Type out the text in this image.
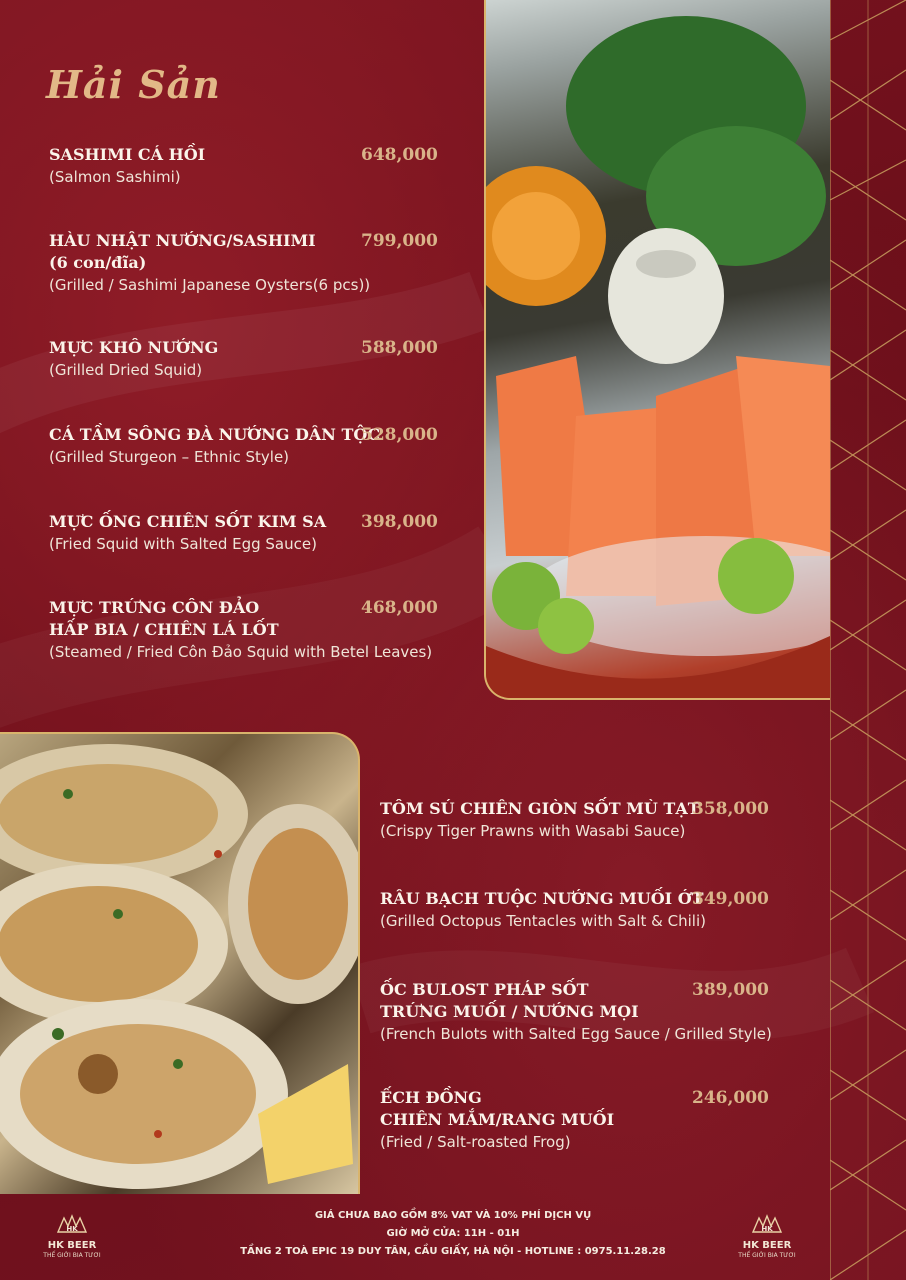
Hải Sản
SASHIMI CÁ HỒI
(Salmon Sashimi)
648,000
HÀU NHẬT NƯỚNG/SASHIMI
(6 con/đĩa)
(Grilled / Sashimi Japanese Oysters(6 pcs))
799,000
MỰC KHÔ NƯỚNG
(Grilled Dried Squid)
588,000
CÁ TẦM SÔNG ĐÀ NƯỚNG DÂN TỘC
(Grilled Sturgeon – Ethnic Style)
528,000
MỰC ỐNG CHIÊN SỐT KIM SA
(Fried Squid with Salted Egg Sauce)
398,000
MỰC TRỨNG CÔN ĐẢO
HẤP BIA / CHIÊN LÁ LỐT
(Steamed / Fried Côn Đảo Squid with Betel Leaves)
468,000
TÔM SÚ CHIÊN GIÒN SỐT MÙ TẠT
(Crispy Tiger Prawns with Wasabi Sauce)
358,000
RÂU BẠCH TUỘC NƯỚNG MUỐI ỚT
(Grilled Octopus Tentacles with Salt & Chili)
349,000
ỐC BULOST PHÁP SỐT
TRỨNG MUỐI / NƯỚNG MỌI
(French Bulots with Salted Egg Sauce / Grilled Style)
389,000
ẾCH ĐỒNG
CHIÊN MẮM/RANG MUỐI
(Fried / Salt-roasted Frog)
246,000
GIÁ CHƯA BAO GỒM 8% VAT VÀ 10% PHÍ DỊCH VỤ
GIỜ MỞ CỬA: 11H - 01H
TẦNG 2 TOÀ EPIC 19 DUY TÂN, CẦU GIẤY, HÀ NỘI - HOTLINE : 0975.11.28.28
HK
HK BEER
THẾ GIỚI BIA TƯƠI
HK
HK BEER
THẾ GIỚI BIA TƯƠI
